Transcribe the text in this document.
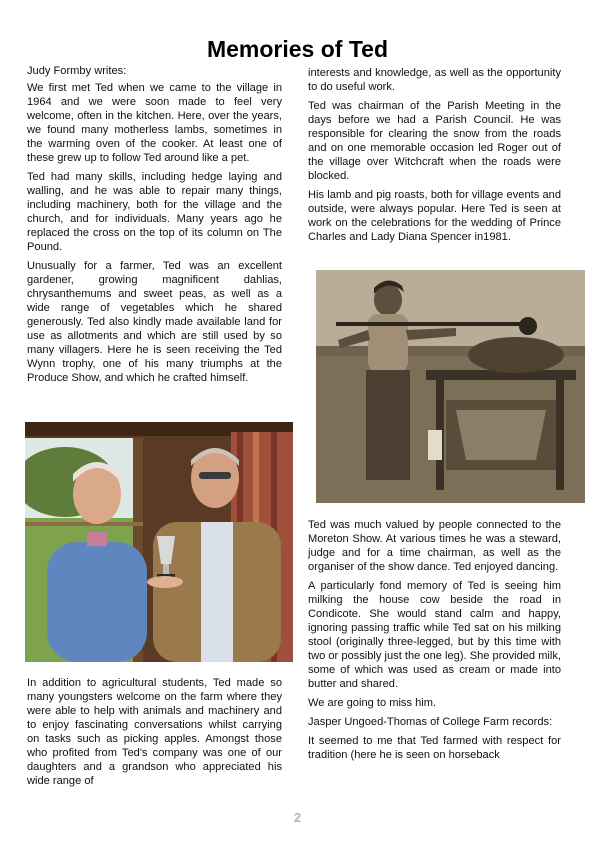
Memories of Ted

Judy Formby writes:

We first met Ted when we came to the village in 1964 and we were soon made to feel very welcome, often in the kitchen. Here, over the years, we found many motherless lambs, sometimes in the warming oven of the cooker. At least one of these grew up to follow Ted around like a pet.

Ted had many skills, including hedge laying and walling, and he was able to repair many things, including machinery, both for the village and the church, and for individuals. Many years ago he replaced the cross on the top of its column on The Pound.

Unusually for a farmer, Ted was an excellent gardener, growing magnificent dahlias, chrysanthemums and sweet peas, as well as a wide range of vegetables which he shared generously. Ted also kindly made available land for use as allotments and which are still used by so many villagers. Here he is seen receiving the Ted Wynn trophy, one of his many triumphs at the Produce Show, and which he crafted himself.

In addition to agricultural students, Ted made so many youngsters welcome on the farm where they were able to help with animals and machinery and to enjoy fascinating conversations whilst carrying on tasks such as picking apples. Amongst those who profited from Ted's company was one of our daughters and a grandson who appreciated his wide range of

interests and knowledge, as well as the opportunity to do useful work.

Ted was chairman of the Parish Meeting in the days before we had a Parish Council. He was responsible for clearing the snow from the roads and on one memorable occasion led Roger out of the village over Witchcraft when the roads were blocked.

His lamb and pig roasts, both for village events and outside, were always popular. Here Ted is seen at work on the celebrations for the wedding of Prince Charles and Lady Diana Spencer in1981.

Ted was much valued by people connected to the Moreton Show. At various times he was a steward, judge and for a time chairman, as well as the organiser of the show dance. Ted enjoyed dancing.

A particularly fond memory of Ted is seeing him milking the house cow beside the road in Condicote. She would stand calm and happy, ignoring passing traffic while Ted sat on his milking stool (originally three-legged, but by this time with two or possibly just the one leg). She provided milk, some of which was used as cream or made into butter and shared.

We are going to miss him.

Jasper Ungoed-Thomas of College Farm records:

It seemed to me that Ted farmed with respect for tradition (here he is seen on horseback

2
